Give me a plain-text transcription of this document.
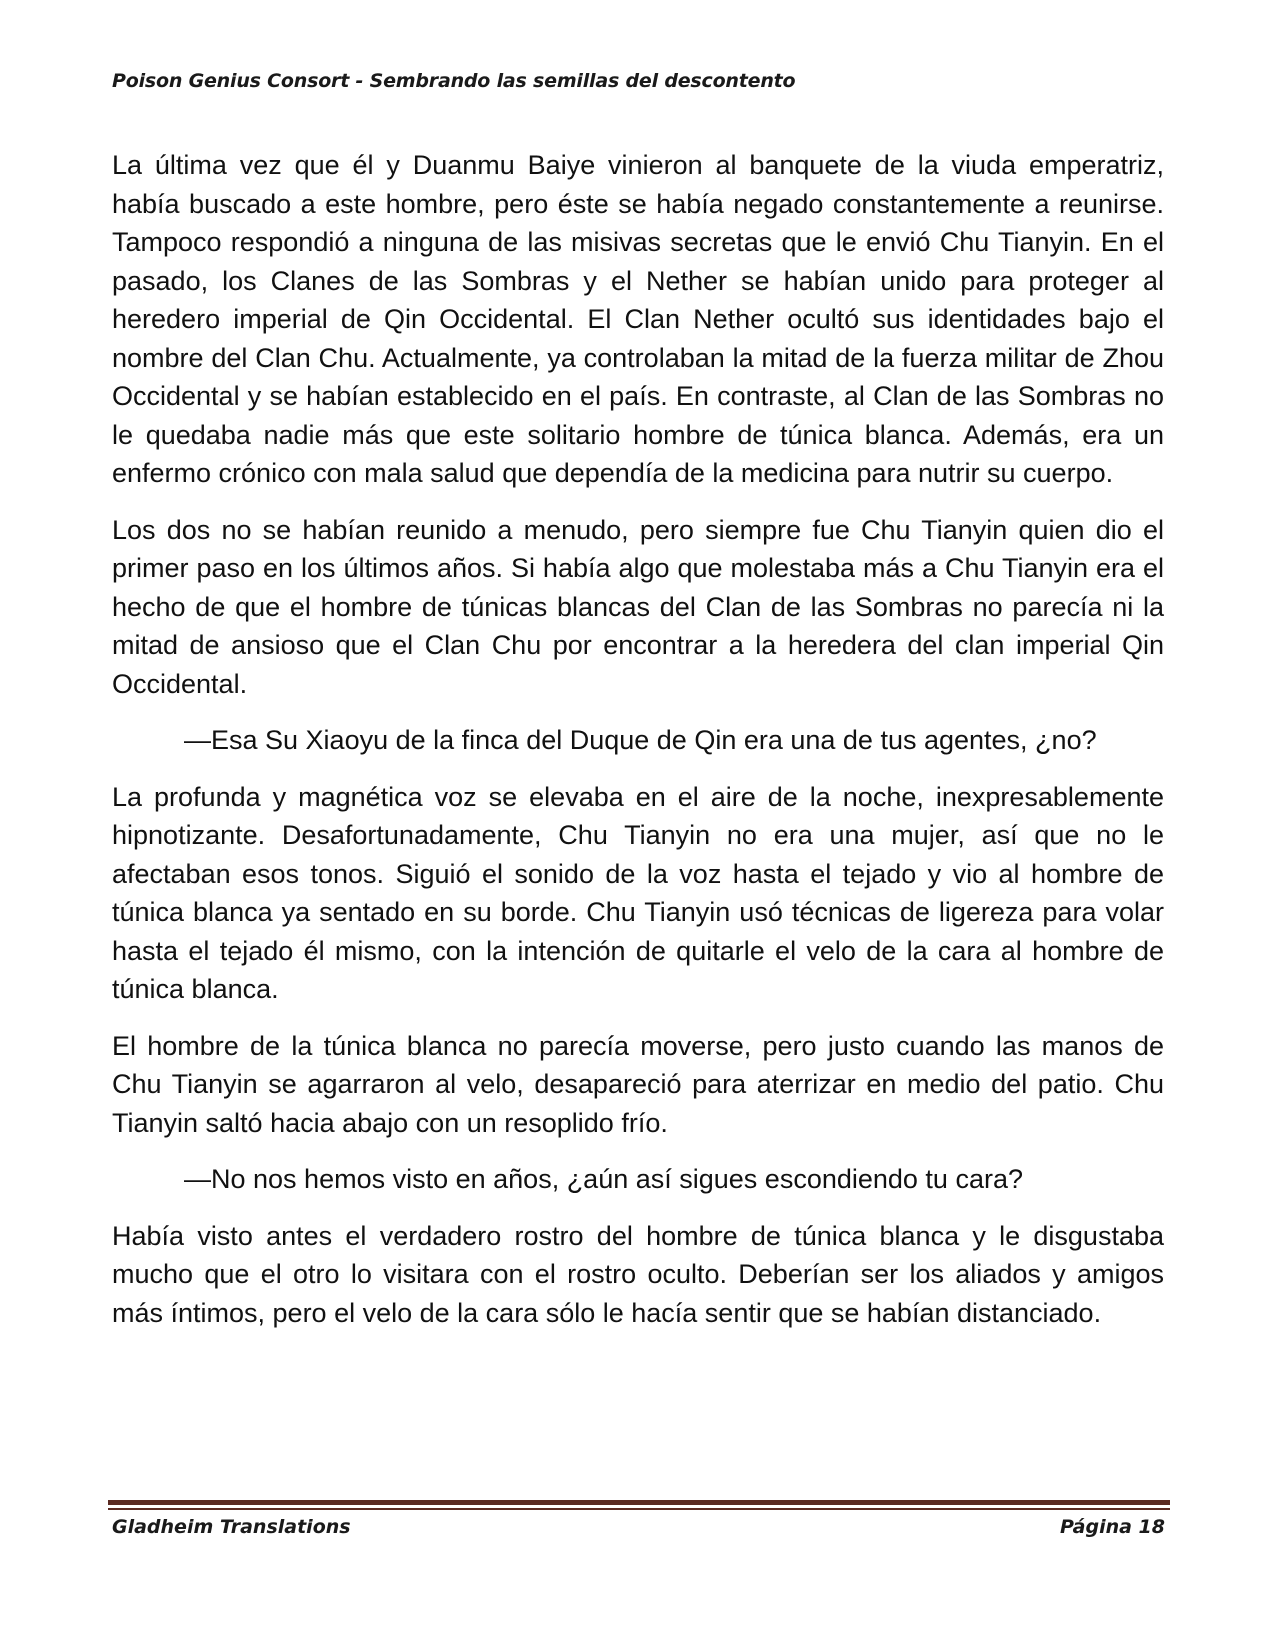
Poison Genius Consort - Sembrando las semillas del descontento

La última vez que él y Duanmu Baiye vinieron al banquete de la viuda emperatriz, había buscado a este hombre, pero éste se había negado constantemente a reunirse. Tampoco respondió a ninguna de las misivas secretas que le envió Chu Tianyin. En el pasado, los Clanes de las Sombras y el Nether se habían unido para proteger al heredero imperial de Qin Occidental. El Clan Nether ocultó sus identidades bajo el nombre del Clan Chu. Actualmente, ya controlaban la mitad de la fuerza militar de Zhou Occidental y se habían establecido en el país. En contraste, al Clan de las Sombras no le quedaba nadie más que este solitario hombre de túnica blanca. Además, era un enfermo crónico con mala salud que dependía de la medicina para nutrir su cuerpo.

Los dos no se habían reunido a menudo, pero siempre fue Chu Tianyin quien dio el primer paso en los últimos años. Si había algo que molestaba más a Chu Tianyin era el hecho de que el hombre de túnicas blancas del Clan de las Sombras no parecía ni la mitad de ansioso que el Clan Chu por encontrar a la heredera del clan imperial Qin Occidental.

—Esa Su Xiaoyu de la finca del Duque de Qin era una de tus agentes, ¿no?

La profunda y magnética voz se elevaba en el aire de la noche, inexpresablemente hipnotizante. Desafortunadamente, Chu Tianyin no era una mujer, así que no le afectaban esos tonos. Siguió el sonido de la voz hasta el tejado y vio al hombre de túnica blanca ya sentado en su borde. Chu Tianyin usó técnicas de ligereza para volar hasta el tejado él mismo, con la intención de quitarle el velo de la cara al hombre de túnica blanca.

El hombre de la túnica blanca no parecía moverse, pero justo cuando las manos de Chu Tianyin se agarraron al velo, desapareció para aterrizar en medio del patio. Chu Tianyin saltó hacia abajo con un resoplido frío.

—No nos hemos visto en años, ¿aún así sigues escondiendo tu cara?

Había visto antes el verdadero rostro del hombre de túnica blanca y le disgustaba mucho que el otro lo visitara con el rostro oculto. Deberían ser los aliados y amigos más íntimos, pero el velo de la cara sólo le hacía sentir que se habían distanciado.

Gladheim Translations	Página 18
